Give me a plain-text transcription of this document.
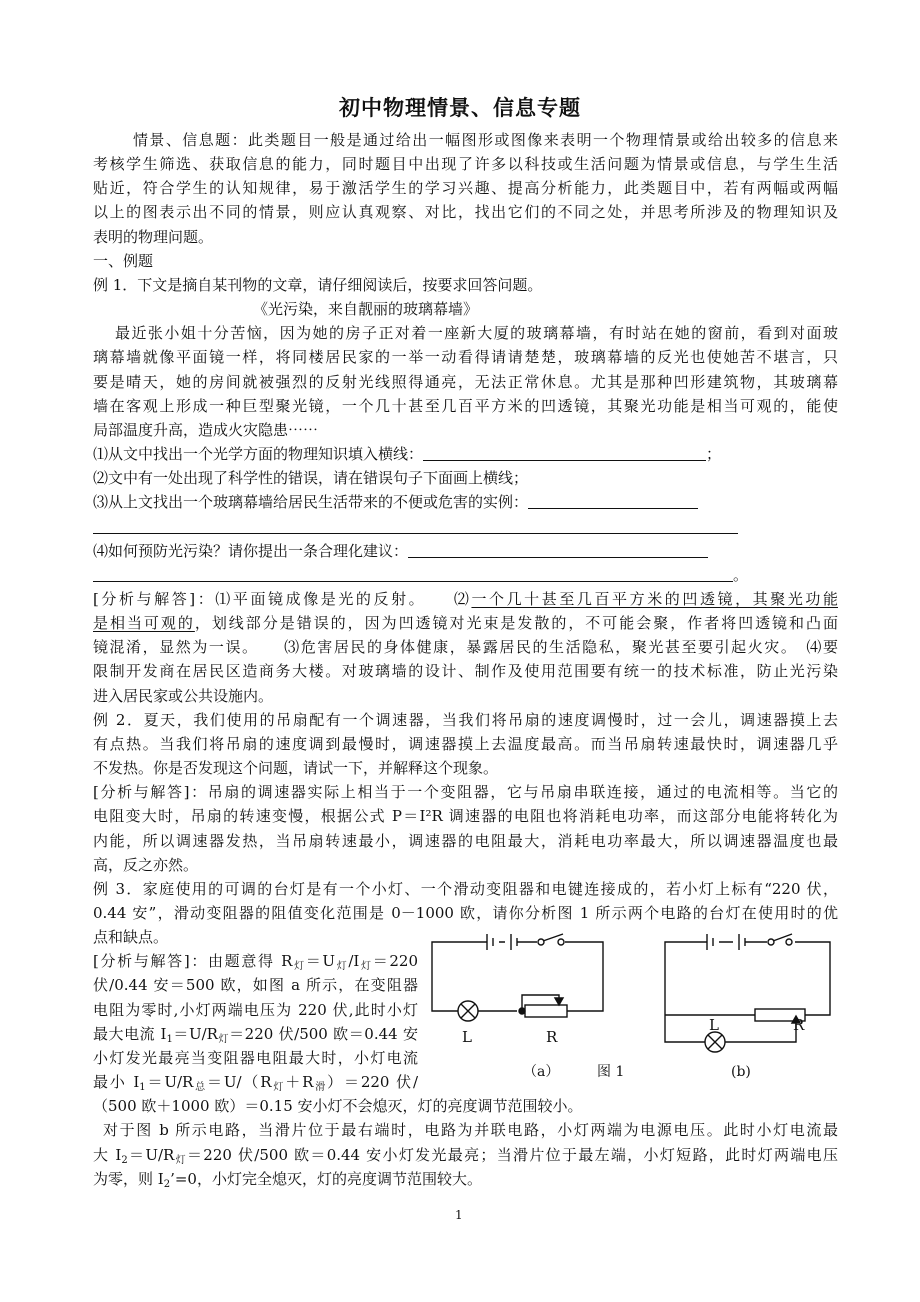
初中物理情景、信息专题
情景、信息题：此类题目一般是通过给出一幅图形或图像来表明一个物理情景或给出较多的信息来
考核学生筛选、获取信息的能力，同时题目中出现了许多以科技或生活问题为情景或信息，与学生生活
贴近，符合学生的认知规律，易于激活学生的学习兴趣、提高分析能力，此类题目中，若有两幅或两幅
以上的图表示出不同的情景，则应认真观察、对比，找出它们的不同之处，并思考所涉及的物理知识及
表明的物理问题。
一、例题
例 1．下文是摘自某刊物的文章，请仔细阅读后，按要求回答问题。
《光污染，来自靓丽的玻璃幕墙》
最近张小姐十分苦恼，因为她的房子正对着一座新大厦的玻璃幕墙，有时站在她的窗前，看到对面玻
璃幕墙就像平面镜一样，将同楼居民家的一举一动看得请请楚楚，玻璃幕墙的反光也使她苦不堪言，只
要是晴天，她的房间就被强烈的反射光线照得通亮，无法正常休息。尤其是那种凹形建筑物，其玻璃幕
墙在客观上形成一种巨型聚光镜，一个几十甚至几百平方米的凹透镜，其聚光功能是相当可观的，能使
局部温度升高，造成火灾隐患⋯⋯
⑴从文中找出一个光学方面的物理知识填入横线：	；
⑵文中有一处出现了科学性的错误，请在错误句子下面画上横线；
⑶从上文找出一个玻璃幕墙给居民生活带来的不便或危害的实例：
⑷如何预防光污染？请你提出一条合理化建议：
。
[分析与解答]：⑴平面镜成像是光的反射。　　⑵一个几十甚至几百平方米的凹透镜，其聚光功能
是相当可观的，划线部分是错误的，因为凹透镜对光束是发散的，不可能会聚，作者将凹透镜和凸面
镜混淆，显然为一误。　　⑶危害居民的身体健康，暴露居民的生活隐私，聚光甚至要引起火灾。　⑷要
限制开发商在居民区造商务大楼。对玻璃墙的设计、制作及使用范围要有统一的技术标准，防止光污染
进入居民家或公共设施内。
例 2．夏天，我们使用的吊扇配有一个调速器，当我们将吊扇的速度调慢时，过一会儿，调速器摸上去
有点热。当我们将吊扇的速度调到最慢时，调速器摸上去温度最高。而当吊扇转速最快时，调速器几乎
不发热。你是否发现这个问题，请试一下，并解释这个现象。
[分析与解答]：吊扇的调速器实际上相当于一个变阻器，它与吊扇串联连接，通过的电流相等。当它的
电阻变大时，吊扇的转速变慢，根据公式 P＝I²R 调速器的电阻也将消耗电功率，而这部分电能将转化为
内能，所以调速器发热，当吊扇转速最小，调速器的电阻最大，消耗电功率最大，所以调速器温度也最
高，反之亦然。
例 3．家庭使用的可调的台灯是有一个小灯、一个滑动变阻器和电键连接成的，若小灯上标有“220 伏，
0.44 安”，滑动变阻器的阻值变化范围是 0－1000 欧，请你分析图 1 所示两个电路的台灯在使用时的优
点和缺点。
[分析与解答]：由题意得 $R_灯=U_灯/I_灯=220$
伏/0.44 安＝500 欧，如图 a 所示，在变阻器
电阻为零时,小灯两端电压为 220 伏,此时小灯
最大电流 $I_1=U/R_灯=220$ 伏/500 欧＝0.44 安
小灯发光最亮当变阻器电阻最大时，小灯电流
最小 $I_1=U/R_总=U/(R_灯+R_滑)=220$ 伏/
（500 欧＋1000 欧）＝0.15 安小灯不会熄灭，灯的亮度调节范围较小。
对于图 b 所示电路，当滑片位于最右端时，电路为并联电路，小灯两端为电源电压。此时小灯电流最
大 $I_2=U/R_灯=220$ 伏/500 欧＝0.44 安小灯发光最亮；当滑片位于最左端，小灯短路，此时灯两端电压
为零，则 $I_2’=0$，小灯完全熄灭，灯的亮度调节范围较大。
L	R
（a）	图 1
L	R
(b)
1
